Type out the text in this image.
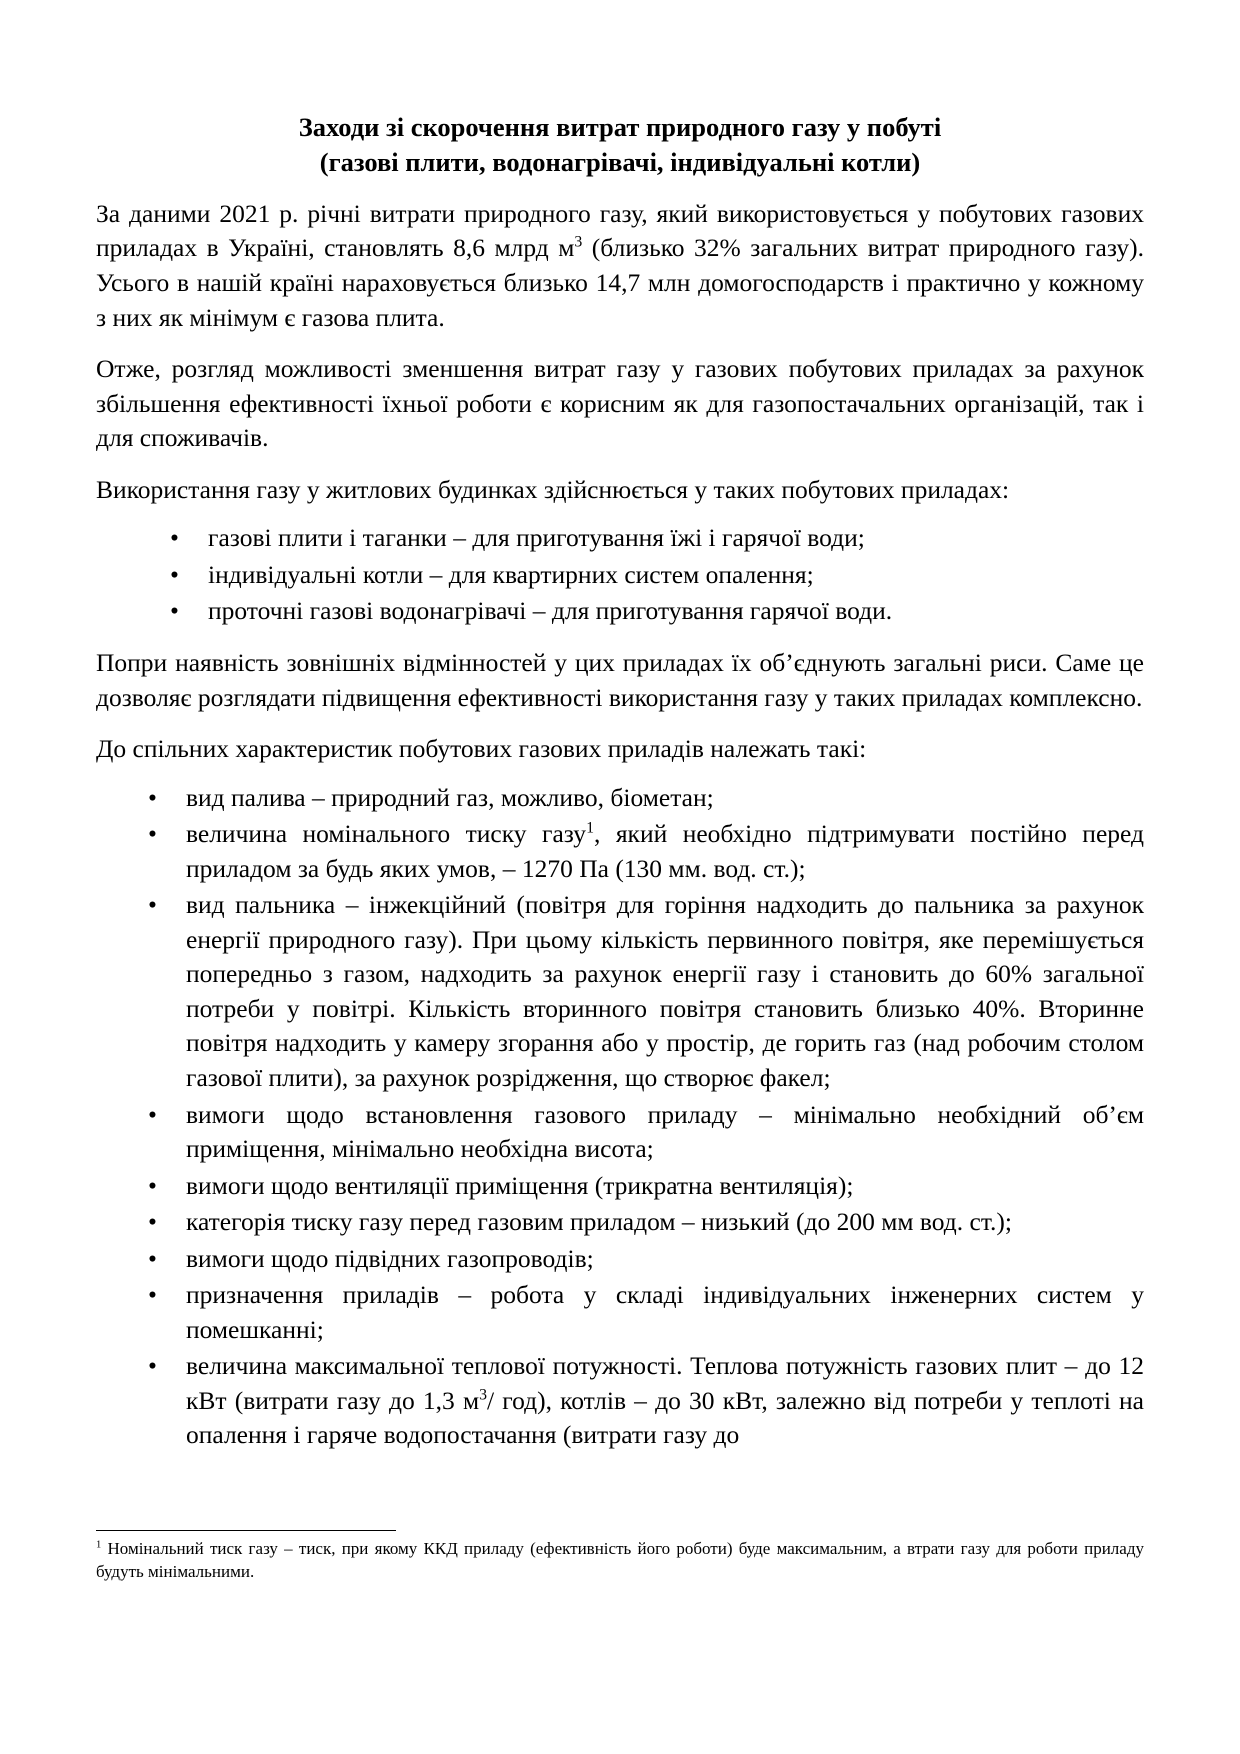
Заходи зі скорочення витрат природного газу у побуті
(газові плити, водонагрівачі, індивідуальні котли)

За даними 2021 р. річні витрати природного газу, який використовується у побутових газових приладах в Україні, становлять 8,6 млрд $м^3$ (близько 32% загальних витрат природного газу). Усього в нашій країні нараховується близько 14,7 млн домогосподарств і практично у кожному з них як мінімум є газова плита.

Отже, розгляд можливості зменшення витрат газу у газових побутових приладах за рахунок збільшення ефективності їхньої роботи є корисним як для газопостачальних організацій, так і для споживачів.

Використання газу у житлових будинках здійснюється у таких побутових приладах:

• газові плити і таганки – для приготування їжі і гарячої води;
• індивідуальні котли – для квартирних систем опалення;
• проточні газові водонагрівачі – для приготування гарячої води.

Попри наявність зовнішніх відмінностей у цих приладах їх об’єднують загальні риси. Саме це дозволяє розглядати підвищення ефективності використання газу у таких приладах комплексно.

До спільних характеристик побутових газових приладів належать такі:

• вид палива – природний газ, можливо, біометан;
• величина номінального тиску газу$^1$, який необхідно підтримувати постійно перед приладом за будь яких умов, – 1270 Па (130 мм. вод. ст.);
• вид пальника – інжекційний (повітря для горіння надходить до пальника за рахунок енергії природного газу). При цьому кількість первинного повітря, яке перемішується попередньо з газом, надходить за рахунок енергії газу і становить до 60% загальної потреби у повітрі. Кількість вторинного повітря становить близько 40%. Вторинне повітря надходить у камеру згорання або у простір, де горить газ (над робочим столом газової плити), за рахунок розрідження, що створює факел;
• вимоги щодо встановлення газового приладу – мінімально необхідний об’єм приміщення, мінімально необхідна висота;
• вимоги щодо вентиляції приміщення (трикратна вентиляція);
• категорія тиску газу перед газовим приладом – низький (до 200 мм вод. ст.);
• вимоги щодо підвідних газопроводів;
• призначення приладів – робота у складі індивідуальних інженерних систем у помешканні;
• величина максимальної теплової потужності. Теплова потужність газових плит – до 12 кВт (витрати газу до 1,3 $м^3/$ год), котлів – до 30 кВт, залежно від потреби у теплоті на опалення і гаряче водопостачання (витрати газу до

$^1$ Номінальний тиск газу – тиск, при якому ККД приладу (ефективність його роботи) буде максимальним, а втрати газу для роботи приладу будуть мінімальними.
